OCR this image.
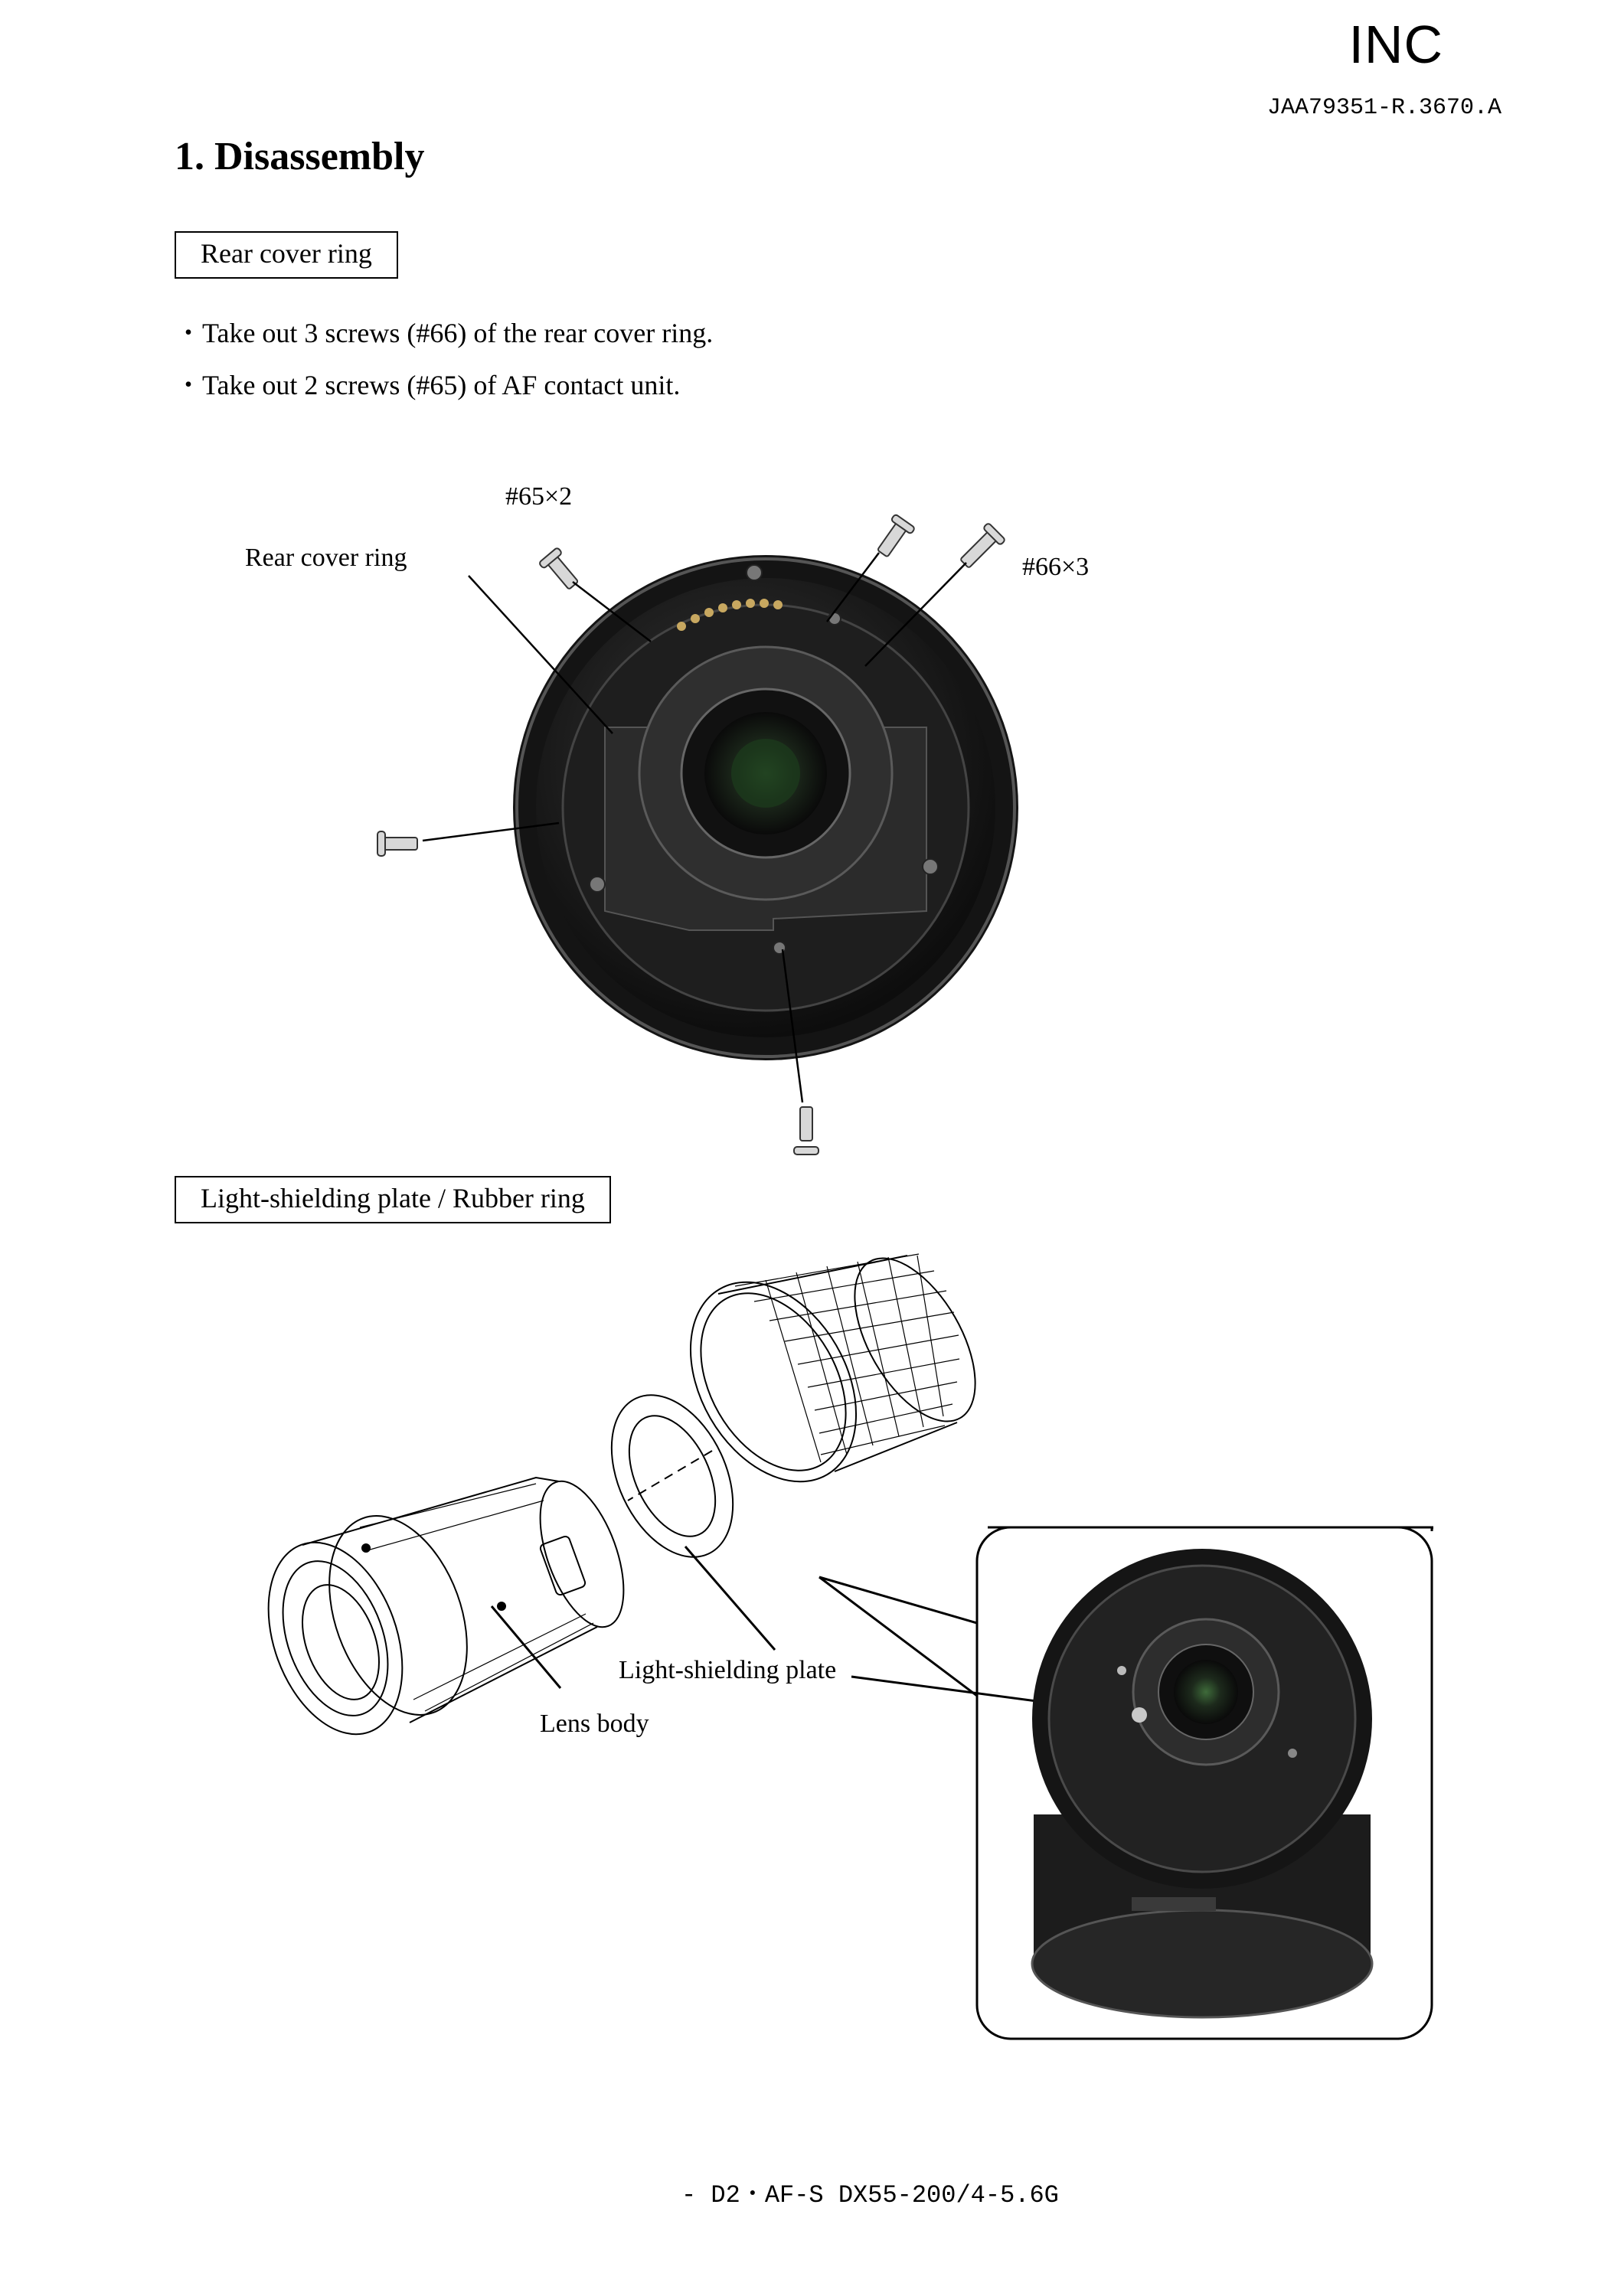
INC
JAA79351-R.3670.A
1. Disassembly
Rear cover ring
・Take out 3 screws (#66) of the rear cover ring.
・Take out 2 screws (#65) of AF contact unit.
#65×2
Rear cover ring	#66×3
Light-shielding plate / Rubber ring
Light-shielding plate
Lens body
- D2・AF-S DX55-200/4-5.6G
